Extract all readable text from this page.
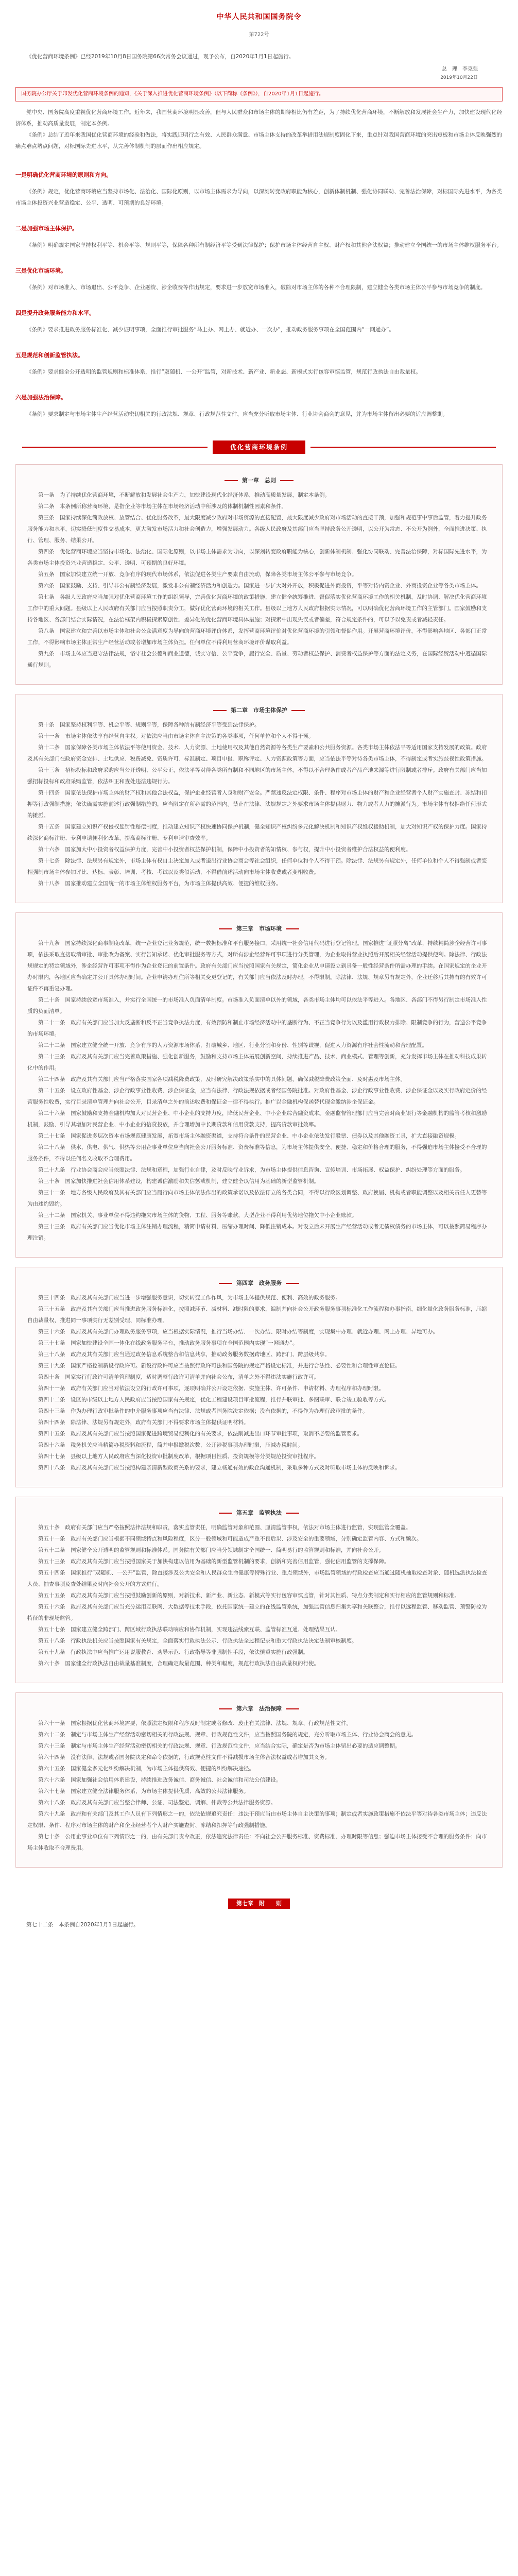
中华人民共和国国务院令
第722号

《优化营商环境条例》已经2019年10月8日国务院第66次常务会议通过，现予公布，自2020年1月1日起施行。

总　理　李克强
2019年10月22日
国务院办公厅关于印发优化营商环境条例的通知，《关于深入推进优化营商环境条例》（以下简称《条例》），自2020年1月1日起施行。

党中央、国务院高度重视优化营商环境工作。近年来，我国营商环境明显改善，但与人民群众和市场主体的期待相比仍有差距，为了持续优化营商环境，不断解放和发展社会生产力，加快建设现代化经济体系，推动高质量发展，制定本条例。

《条例》总结了近年来我国优化营商环境的经验和做法，将实践证明行之有效、人民群众满意、市场主体支持的改革举措用法规制度固化下来，重点针对我国营商环境的突出短板和市场主体反映强烈的痛点难点堵点问题，对标国际先进水平，从完善体制机制的层面作出相应规定。

一是明确优化营商环境的原则和方向。

《条例》规定，优化营商环境应当坚持市场化、法治化、国际化原则，以市场主体需求为导向，以深刻转变政府职能为核心，创新体制机制、强化协同联动、完善法治保障，对标国际先进水平，为各类市场主体投资兴业营造稳定、公平、透明、可预期的良好环境。

二是加强市场主体保护。

《条例》明确规定国家坚持权利平等、机会平等、规则平等，保障各种所有制经济平等受到法律保护；保护市场主体经营自主权、财产权和其他合法权益；推动建立全国统一的市场主体维权服务平台。

三是优化市场环境。

《条例》对市场准入、市场退出、公平竞争、企业融资、涉企收费等作出规定，要求进一步放宽市场准入，破除对市场主体的各种不合理限制，建立健全各类市场主体公平参与市场竞争的制度。

四是提升政务服务能力和水平。

《条例》要求推进政务服务标准化、减少证明事项，全面推行审批服务“马上办、网上办、就近办、一次办”，推动政务服务事项在全国范围内“一网通办”。

五是规范和创新监管执法。

《条例》要求健全公开透明的监管规则和标准体系，推行“双随机、一公开”监管，对新技术、新产业、新业态、新模式实行包容审慎监管，规范行政执法自由裁量权。

六是加强法治保障。

《条例》要求制定与市场主体生产经营活动密切相关的行政法规、规章、行政规范性文件，应当充分听取市场主体、行业协会商会的意见，并为市场主体留出必要的适应调整期。

优化营商环境条例
第一章　总则

第一条　为了持续优化营商环境，不断解放和发展社会生产力，加快建设现代化经济体系，推动高质量发展，制定本条例。

第二条　本条例所称营商环境，是指企业等市场主体在市场经济活动中所涉及的体制机制性因素和条件。

第三条　国家持续深化简政放权、放管结合、优化服务改革，最大限度减少政府对市场资源的直接配置，最大限度减少政府对市场活动的直接干预，加强和规范事中事后监管，着力提升政务服务能力和水平，切实降低制度性交易成本，更大激发市场活力和社会创造力，增强发展动力。各级人民政府及其部门应当坚持政务公开透明，以公开为常态、不公开为例外，全面推进决策、执行、管理、服务、结果公开。

第四条　优化营商环境应当坚持市场化、法治化、国际化原则，以市场主体需求为导向，以深刻转变政府职能为核心，创新体制机制、强化协同联动、完善法治保障，对标国际先进水平，为各类市场主体投资兴业营造稳定、公平、透明、可预期的良好环境。

第五条　国家加快建立统一开放、竞争有序的现代市场体系，依法促进各类生产要素自由流动，保障各类市场主体公平参与市场竞争。

第六条　国家鼓励、支持、引导非公有制经济发展，激发非公有制经济活力和创造力。国家进一步扩大对外开放，积极促进外商投资，平等对待内资企业、外商投资企业等各类市场主体。

第七条　各级人民政府应当加强对优化营商环境工作的组织领导，完善优化营商环境的政策措施，建立健全统筹推进、督促落实优化营商环境工作的相关机制，及时协调、解决优化营商环境工作中的重大问题。县级以上人民政府有关部门应当按照职责分工，做好优化营商环境的相关工作。县级以上地方人民政府根据实际情况，可以明确优化营商环境工作的主管部门。国家鼓励和支持各地区、各部门结合实际情况，在法治框架内积极探索原创性、差异化的优化营商环境具体措施；对探索中出现失误或者偏差，符合规定条件的，可以予以免责或者减轻责任。

第八条　国家建立和完善以市场主体和社会公众满意度为导向的营商环境评价体系，发挥营商环境评价对优化营商环境的引领和督促作用。开展营商环境评价，不得影响各地区、各部门正常工作，不得影响市场主体正常生产经营活动或者增加市场主体负担。任何单位不得利用营商环境评价谋取利益。

第九条　市场主体应当遵守法律法规，恪守社会公德和商业道德，诚实守信、公平竞争，履行安全、质量、劳动者权益保护、消费者权益保护等方面的法定义务，在国际经贸活动中遵循国际通行规则。

第二章　市场主体保护

第十条　国家坚持权利平等、机会平等、规则平等，保障各种所有制经济平等受到法律保护。

第十一条　市场主体依法享有经营自主权。对依法应当由市场主体自主决策的各类事项，任何单位和个人不得干预。

第十二条　国家保障各类市场主体依法平等使用资金、技术、人力资源、土地使用权及其他自然资源等各类生产要素和公共服务资源。各类市场主体依法平等适用国家支持发展的政策。政府及其有关部门在政府资金安排、土地供应、税费减免、资质许可、标准制定、项目申报、职称评定、人力资源政策等方面，应当依法平等对待各类市场主体，不得制定或者实施歧视性政策措施。

第十三条　招标投标和政府采购应当公开透明、公平公正，依法平等对待各类所有制和不同地区的市场主体，不得以不合理条件或者产品产地来源等进行限制或者排斥。政府有关部门应当加强招标投标和政府采购监管，依法纠正和查处违法违规行为。

第十四条　国家依法保护市场主体的财产权和其他合法权益，保护企业经营者人身和财产安全。严禁违反法定权限、条件、程序对市场主体的财产和企业经营者个人财产实施查封、冻结和扣押等行政强制措施；依法确需实施前述行政强制措施的，应当限定在所必需的范围内。禁止在法律、法规规定之外要求市场主体提供财力、物力或者人力的摊派行为。市场主体有权拒绝任何形式的摊派。

第十五条　国家建立知识产权侵权惩罚性赔偿制度，推动建立知识产权快速协同保护机制，健全知识产权纠纷多元化解决机制和知识产权维权援助机制，加大对知识产权的保护力度。国家持续深化商标注册、专利申请便利化改革，提高商标注册、专利申请审查效率。

第十六条　国家加大中小投资者权益保护力度，完善中小投资者权益保护机制，保障中小投资者的知情权、参与权，提升中小投资者维护合法权益的便利度。

第十七条　除法律、法规另有规定外，市场主体有权自主决定加入或者退出行业协会商会等社会组织，任何单位和个人不得干预。除法律、法规另有规定外，任何单位和个人不得强制或者变相强制市场主体参加评比、达标、表彰、培训、考核、考试以及类似活动，不得借前述活动向市场主体收费或者变相收费。

第十八条　国家推动建立全国统一的市场主体维权服务平台，为市场主体提供高效、便捷的维权服务。

第三章　市场环境

第十九条　国家持续深化商事制度改革，统一企业登记业务规范，统一数据标准和平台服务接口，采用统一社会信用代码进行登记管理。国家推进“证照分离”改革，持续精简涉企经营许可事项，依法采取直接取消审批、审批改为备案、实行告知承诺、优化审批服务等方式，对所有涉企经营许可事项进行分类管理，为企业取得营业执照后开展相关经营活动提供便利。除法律、行政法规规定的特定领域外，涉企经营许可事项不得作为企业登记的前置条件。政府有关部门应当按照国家有关规定，简化企业从申请设立到具备一般性经营条件所需办理的手续。在国家规定的企业开办时限内，各地区应当确定并公开具体办理时间。企业申请办理住所等相关变更登记的，有关部门应当依法及时办理，不得限制。除法律、法规、规章另有规定外，企业迁移后其持有的有效许可证件不再重复办理。

第二十条　国家持续放宽市场准入，并实行全国统一的市场准入负面清单制度。市场准入负面清单以外的领域，各类市场主体均可以依法平等进入。各地区、各部门不得另行制定市场准入性质的负面清单。

第二十一条　政府有关部门应当加大反垄断和反不正当竞争执法力度，有效预防和制止市场经济活动中的垄断行为、不正当竞争行为以及滥用行政权力排除、限制竞争的行为，营造公平竞争的市场环境。

第二十二条　国家建立健全统一开放、竞争有序的人力资源市场体系，打破城乡、地区、行业分割和身份、性别等歧视，促进人力资源有序社会性流动和合理配置。

第二十三条　政府及其有关部门应当完善政策措施、强化创新服务，鼓励和支持市场主体拓展创新空间，持续推进产品、技术、商业模式、管理等创新，充分发挥市场主体在推动科技成果转化中的作用。

第二十四条　政府及其有关部门应当严格落实国家各项减税降费政策，及时研究解决政策落实中的具体问题，确保减税降费政策全面、及时惠及市场主体。

第二十五条　设立政府性基金、涉企行政事业性收费、涉企保证金，应当有法律、行政法规依据或者经国务院批准。对政府性基金、涉企行政事业性收费、涉企保证金以及实行政府定价的经营服务性收费，实行目录清单管理并向社会公开，目录清单之外的前述收费和保证金一律不得执行。推广以金融机构保函替代现金缴纳涉企保证金。

第二十六条　国家鼓励和支持金融机构加大对民营企业、中小企业的支持力度，降低民营企业、中小企业综合融资成本。金融监督管理部门应当完善对商业银行等金融机构的监管考核和激励机制，鼓励、引导其增加对民营企业、中小企业的信贷投放，并合理增加中长期贷款和信用贷款支持，提高贷款审批效率。

第二十七条　国家促进多层次资本市场规范健康发展，拓宽市场主体融资渠道，支持符合条件的民营企业、中小企业依法发行股票、债券以及其他融资工具，扩大直接融资规模。

第二十八条　供水、供电、供气、供热等公用企事业单位应当向社会公开服务标准、资费标准等信息，为市场主体提供安全、便捷、稳定和价格合理的服务，不得强迫市场主体接受不合理的服务条件，不得以任何名义收取不合理费用。

第二十九条　行业协会商会应当依照法律、法规和章程，加强行业自律，及时反映行业诉求，为市场主体提供信息咨询、宣传培训、市场拓展、权益保护、纠纷处理等方面的服务。

第三十条　国家加快推进社会信用体系建设，构建诚信激励和失信惩戒机制，建立健全以信用为基础的新型监管机制。

第三十一条　地方各级人民政府及其有关部门应当履行向市场主体依法作出的政策承诺以及依法订立的各类合同，不得以行政区划调整、政府换届、机构或者职能调整以及相关责任人更替等为由违约毁约。

第三十二条　国家机关、事业单位不得违约拖欠市场主体的货物、工程、服务等账款，大型企业不得利用优势地位拖欠中小企业账款。

第三十三条　政府有关部门应当优化市场主体注销办理流程，精简申请材料、压缩办理时间、降低注销成本。对设立后未开展生产经营活动或者无债权债务的市场主体，可以按照简易程序办理注销。

第四章　政务服务

第三十四条　政府及其有关部门应当进一步增强服务意识，切实转变工作作风，为市场主体提供规范、便利、高效的政务服务。

第三十五条　政府及其有关部门应当推进政务服务标准化，按照减环节、减材料、减时限的要求，编制并向社会公开政务服务事项标准化工作流程和办事指南，细化量化政务服务标准，压缩自由裁量权，推进同一事项实行无差别受理、同标准办理。

第三十六条　政府及其有关部门办理政务服务事项，应当根据实际情况，推行当场办结、一次办结、限时办结等制度，实现集中办理、就近办理、网上办理、异地可办。

第三十七条　国家加快建设全国一体化在线政务服务平台，推动政务服务事项在全国范围内实现“一网通办”。

第三十八条　政府及其有关部门应当通过政务信息系统整合和信息共享，推动政务服务数据跨地区、跨部门、跨层级共享。

第三十九条　国家严格控制新设行政许可。新设行政许可应当按照行政许可法和国务院的规定严格设定标准，并进行合法性、必要性和合理性审查论证。

第四十条　国家实行行政许可清单管理制度，适时调整行政许可清单并向社会公布，清单之外不得违法实施行政许可。

第四十一条　政府有关部门应当对依法设立的行政许可事项，逐项明确并公开设定依据、实施主体、许可条件、申请材料、办理程序和办理时限。

第四十二条　设区的市级以上地方人民政府应当按照国家有关规定，优化工程建设项目审批流程，推行并联审批、多图联审、联合竣工验收等方式。

第四十三条　作为办理行政审批条件的中介服务事项应当有法律、法规或者国务院决定依据；没有依据的，不得作为办理行政审批的条件。

第四十四条　除法律、法规另有规定外，政府有关部门不得要求市场主体提供证明材料。

第四十五条　政府及其有关部门应当按照国家促进跨境贸易便利化的有关要求，依法削减进出口环节审批事项，取消不必要的监管要求。

第四十六条　税务机关应当精简办税资料和流程，简并申报缴税次数，公开涉税事项办理时限，压减办税时间。

第四十七条　县级以上地方人民政府应当深化投资审批制度改革，根据项目性质、投资规模等分类规范投资审批程序。

第四十八条　政府及其有关部门应当按照构建亲清新型政商关系的要求，建立畅通有效的政企沟通机制，采取多种方式及时听取市场主体的反映和诉求。

第五章　监管执法

第五十条　政府有关部门应当严格按照法律法规和职责，落实监管责任，明确监管对象和范围、厘清监管事权，依法对市场主体进行监管，实现监管全覆盖。

第五十一条　政府有关部门应当根据不同领域特点和风险程度，区分一般领域和可能造成严重不良后果、涉及安全的重要领域，分别确定监管内容、方式和频次。

第五十二条　国家健全公开透明的监管规则和标准体系。国务院有关部门应当分领域制定全国统一、简明易行的监管规则和标准，并向社会公开。

第五十三条　政府及其有关部门应当按照国家关于加快构建以信用为基础的新型监管机制的要求，创新和完善信用监管，强化信用监管的支撑保障。

第五十四条　国家推行“双随机、一公开”监管，除直接涉及公共安全和人民群众生命健康等特殊行业、重点领域外，市场监管领域的行政检查应当通过随机抽取检查对象、随机选派执法检查人员、抽查事项及查处结果及时向社会公开的方式进行。

第五十五条　政府及其有关部门应当按照鼓励创新的原则，对新技术、新产业、新业态、新模式等实行包容审慎监管，针对其性质、特点分类制定和实行相应的监管规则和标准。

第五十六条　政府及其有关部门应当充分运用互联网、大数据等技术手段，依托国家统一建立的在线监管系统，加强监管信息归集共享和关联整合，推行以远程监管、移动监管、预警防控为特征的非现场监管。

第五十七条　国家建立健全跨部门、跨区域行政执法联动响应和协作机制，实现违法线索互联、监管标准互通、处理结果互认。

第五十八条　行政执法机关应当按照国家有关规定，全面落实行政执法公示、行政执法全过程记录和重大行政执法决定法制审核制度。

第五十九条　行政执法中应当推广运用说服教育、劝导示范、行政指导等非强制性手段，依法慎重实施行政强制。

第六十条　国家健全行政执法自由裁量基准制度，合理确定裁量范围、种类和幅度，规范行政执法自由裁量权的行使。

第六章　法治保障

第六十一条　国家根据优化营商环境需要，依照法定权限和程序及时制定或者修改、废止有关法律、法规、规章、行政规范性文件。

第六十二条　制定与市场主体生产经营活动密切相关的行政法规、规章、行政规范性文件，应当按照国务院的规定，充分听取市场主体、行业协会商会的意见。

第六十三条　制定与市场主体生产经营活动密切相关的行政法规、规章、行政规范性文件，应当结合实际，确定是否为市场主体留出必要的适应调整期。

第六十四条　没有法律、法规或者国务院决定和命令依据的，行政规范性文件不得减损市场主体合法权益或者增加其义务。

第六十五条　国家健全多元化纠纷解决机制，为市场主体提供高效、便捷的纠纷解决途径。

第六十六条　国家加强社会信用体系建设，持续推进政务诚信、商务诚信、社会诚信和司法公信建设。

第六十七条　国家建立健全法律服务体系，为市场主体提供优质、高效的公共法律服务。

第六十八条　政府及其有关部门应当整合律师、公证、司法鉴定、调解、仲裁等公共法律服务资源。

第六十九条　政府和有关部门及其工作人员有下列情形之一的，依法依规追究责任：违法干预应当由市场主体自主决策的事项；制定或者实施政策措施不依法平等对待各类市场主体；违反法定权限、条件、程序对市场主体的财产和企业经营者个人财产实施查封、冻结和扣押等行政强制措施。

第七十条　公用企事业单位有下列情形之一的，由有关部门责令改正，依法追究法律责任：不向社会公开服务标准、资费标准、办理时限等信息；强迫市场主体接受不合理的服务条件；向市场主体收取不合理费用。

第七章　附　　则

第七十二条　本条例自2020年1月1日起施行。
